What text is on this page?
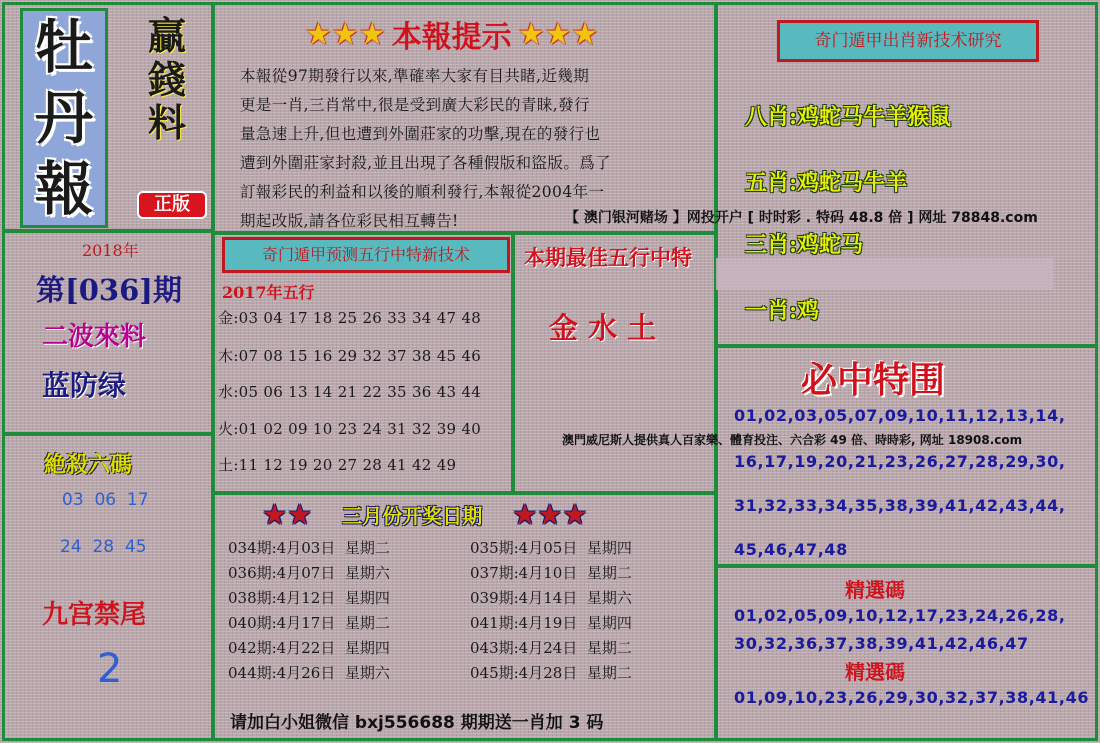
牡
丹
報
贏
錢
料
正版
★★★ 本報提示 ★★★

本報從97期發行以來,準確率大家有目共睹,近幾期

更是一肖,三肖常中,很是受到廣大彩民的青睐,發行

量急速上升,但也遭到外圍莊家的功擊,現在的發行也

遭到外圍莊家封殺,並且出現了各種假版和盜版。爲了

訂報彩民的利益和以後的順利發行,本報從2004年一

期起改版,請各位彩民相互轉告!

奇门遁甲出肖新技术研究
八肖:鸡蛇马牛羊猴鼠
五肖:鸡蛇马牛羊
三肖:鸡蛇马
一肖:鸡
【 澳门银河赌场 】网投开户 [ 时时彩 . 特码 48.8 倍 ] 网址 78848.com
澳門威尼斯人提供真人百家樂、體育投注、六合彩 49 倍、時時彩, 网址 18908.com
请加白小姐微信 bxj556688 期期送一肖加 3 码
2018年
第[036]期
二波來料
蓝防绿
絶殺六碼
03  06  17
24  28  45
九宫禁尾
2
奇门遁甲预测五行中特新技术
2017年五行
金:03 04 17 18 25 26 33 34 47 48
木:07 08 15 16 29 32 37 38 45 46
水:05 06 13 14 21 22 35 36 43 44
火:01 02 09 10 23 24 31 32 39 40
土:11 12 19 20 27 28 41 42 49
本期最佳五行中特
金 水 土
★★ 三月份开奖日期 ★★★
034期:4月03日  星期二	035期:4月05日  星期四
036期:4月07日  星期六	037期:4月10日  星期二
038期:4月12日  星期四	039期:4月14日  星期六
040期:4月17日  星期二	041期:4月19日  星期四
042期:4月22日  星期四	043期:4月24日  星期二
044期:4月26日  星期六	045期:4月28日  星期二
必中特围
01,02,03,05,07,09,10,11,12,13,14,
16,17,19,20,21,23,26,27,28,29,30,
31,32,33,34,35,38,39,41,42,43,44,
45,46,47,48
精選碼
01,02,05,09,10,12,17,23,24,26,28,
30,32,36,37,38,39,41,42,46,47
精選碼
01,09,10,23,26,29,30,32,37,38,41,46
